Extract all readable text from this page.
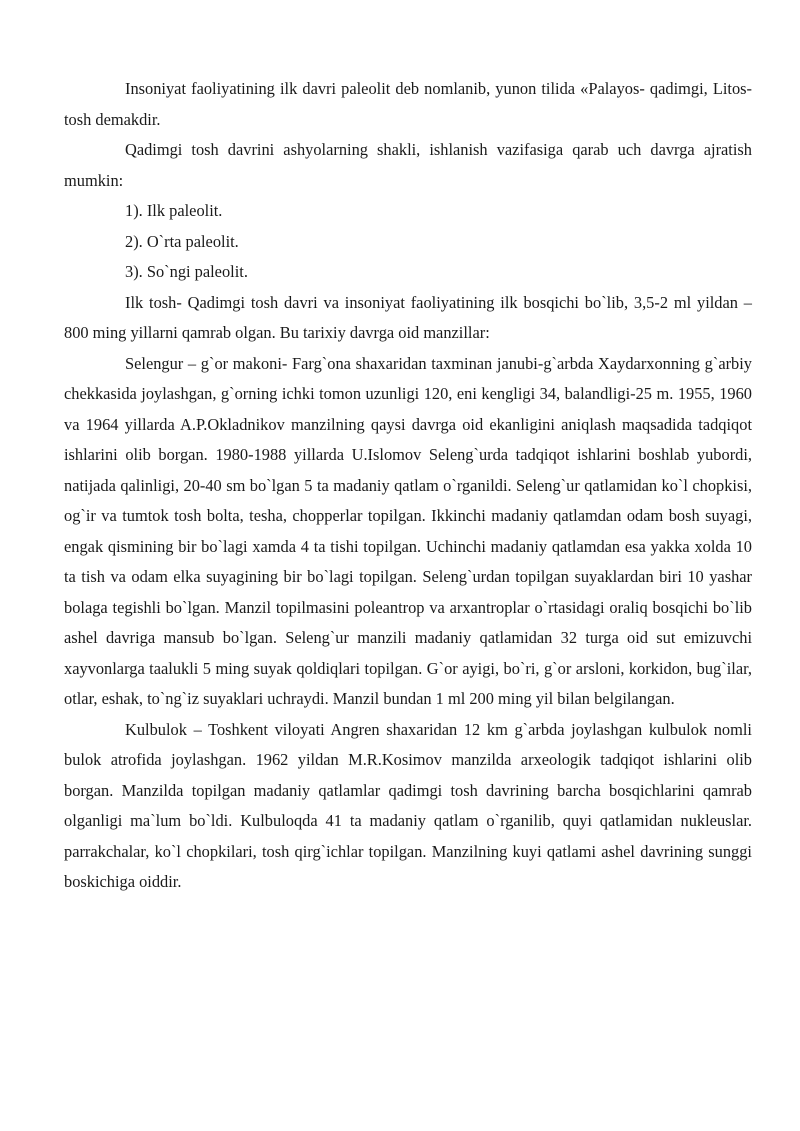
Insoniyat faoliyatining ilk davri paleolit deb nomlanib, yunon tilida «Palayos- qadimgi, Litos- tosh demakdir.

Qadimgi tosh davrini ashyolarning shakli, ishlanish vazifasiga qarab uch davrga ajratish mumkin:

1). Ilk paleolit.

2). O`rta paleolit.

3). So`ngi paleolit.

Ilk tosh- Qadimgi tosh davri va insoniyat faoliyatining ilk bosqichi bo`lib, 3,5-2 ml yildan – 800 ming yillarni qamrab olgan. Bu tarixiy davrga oid manzillar:

Selengur – g`or makoni- Farg`ona shaxaridan taxminan janubi-g`arbda Xaydarxonning g`arbiy chekkasida joylashgan, g`orning ichki tomon uzunligi 120, eni kengligi 34, balandligi-25 m. 1955, 1960 va 1964 yillarda A.P.Okladnikov manzilning qaysi davrga oid ekanligini aniqlash maqsadida tadqiqot ishlarini olib borgan. 1980-1988 yillarda U.Islomov Seleng`urda tadqiqot ishlarini boshlab yubordi, natijada qalinligi, 20-40 sm bo`lgan 5 ta madaniy qatlam o`rganildi. Seleng`ur qatlamidan ko`l chopkisi, og`ir va tumtok tosh bolta, tesha, chopperlar topilgan. Ikkinchi madaniy qatlamdan odam bosh suyagi, engak qismining bir bo`lagi xamda 4 ta tishi topilgan. Uchinchi madaniy qatlamdan esa yakka xolda 10 ta tish va odam elka suyagining bir bo`lagi topilgan. Seleng`urdan topilgan suyaklardan biri 10 yashar bolaga tegishli bo`lgan. Manzil topilmasini poleantrop va arxantroplar o`rtasidagi oraliq bosqichi bo`lib ashel davriga mansub bo`lgan. Seleng`ur manzili madaniy qatlamidan 32 turga oid sut emizuvchi xayvonlarga taalukli 5 ming suyak qoldiqlari topilgan. G`or ayigi, bo`ri, g`or arsloni, korkidon, bug`ilar, otlar, eshak, to`ng`iz suyaklari uchraydi. Manzil bundan 1 ml 200 ming yil bilan belgilangan.

Kulbulok – Toshkent viloyati Angren shaxaridan 12 km g`arbda joylashgan kulbulok nomli bulok atrofida joylashgan. 1962 yildan M.R.Kosimov manzilda arxeologik tadqiqot ishlarini olib borgan. Manzilda topilgan madaniy qatlamlar qadimgi tosh davrining barcha bosqichlarini qamrab olganligi ma`lum bo`ldi. Kulbuloqda 41 ta madaniy qatlam o`rganilib, quyi qatlamidan nukleuslar. parrakchalar, ko`l chopkilari, tosh qirg`ichlar topilgan. Manzilning kuyi qatlami ashel davrining sunggi boskichiga oiddir.
